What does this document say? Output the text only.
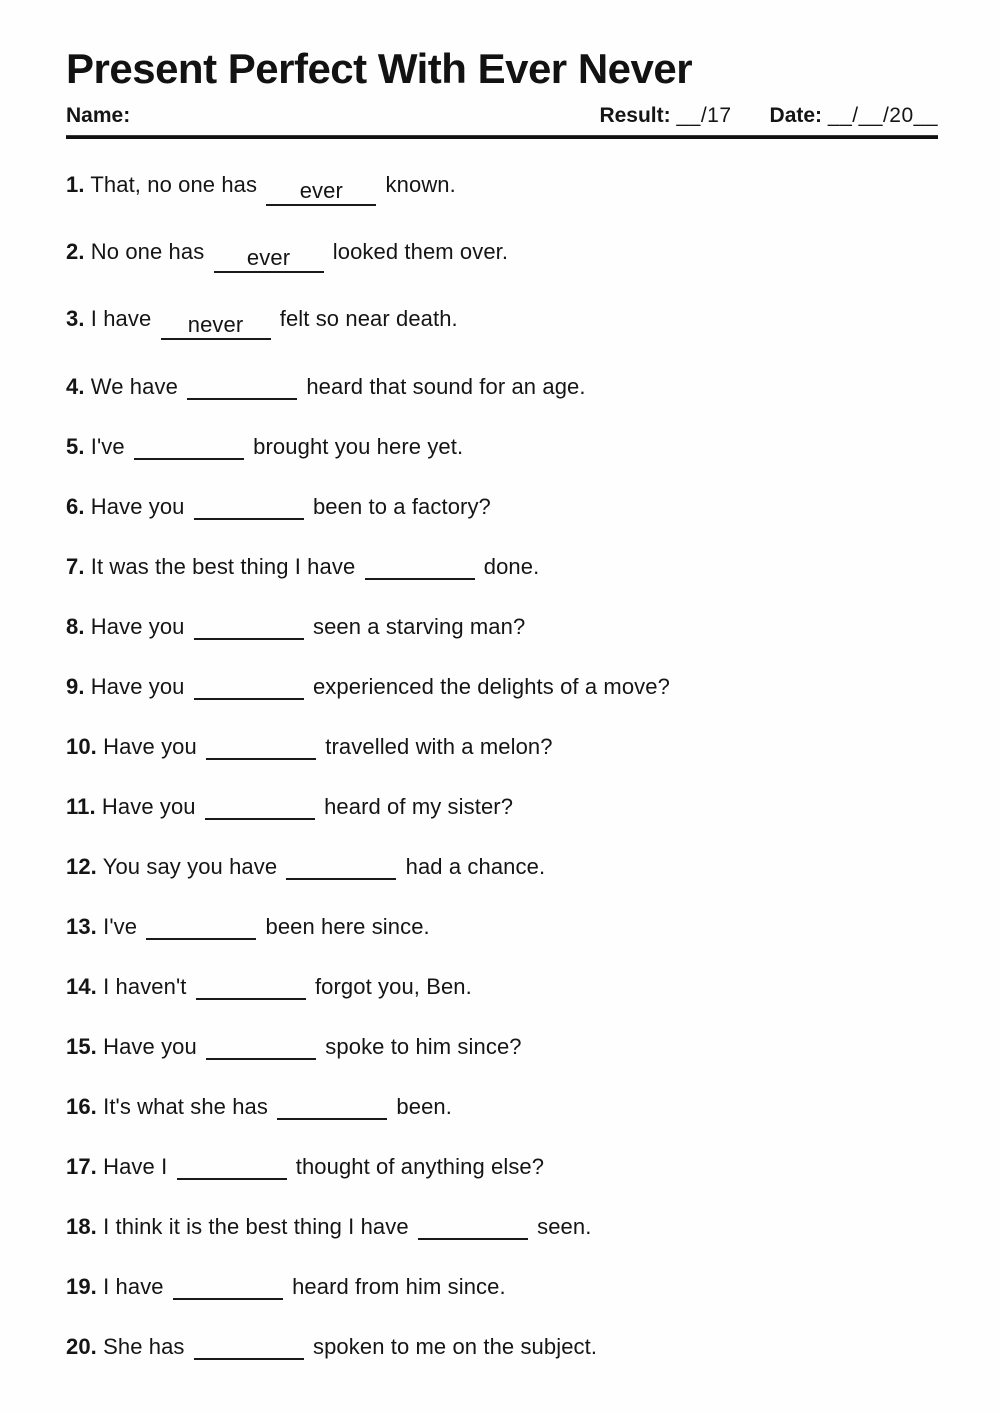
Present Perfect With Ever Never
Name:	Result: __/17 Date: __/__/20__
1. That, no one has ever known.
2. No one has ever looked them over.
3. I have never felt so near death.
4. We have	heard that sound for an age.
5. I've	brought you here yet.
6. Have you	been to a factory?
7. It was the best thing I have	done.
8. Have you	seen a starving man?
9. Have you	experienced the delights of a move?
10. Have you	travelled with a melon?
11. Have you	heard of my sister?
12. You say you have	had a chance.
13. I've	been here since.
14. I haven't	forgot you, Ben.
15. Have you	spoke to him since?
16. It's what she has	been.
17. Have I	thought of anything else?
18. I think it is the best thing I have	seen.
19. I have	heard from him since.
20. She has	spoken to me on the subject.
